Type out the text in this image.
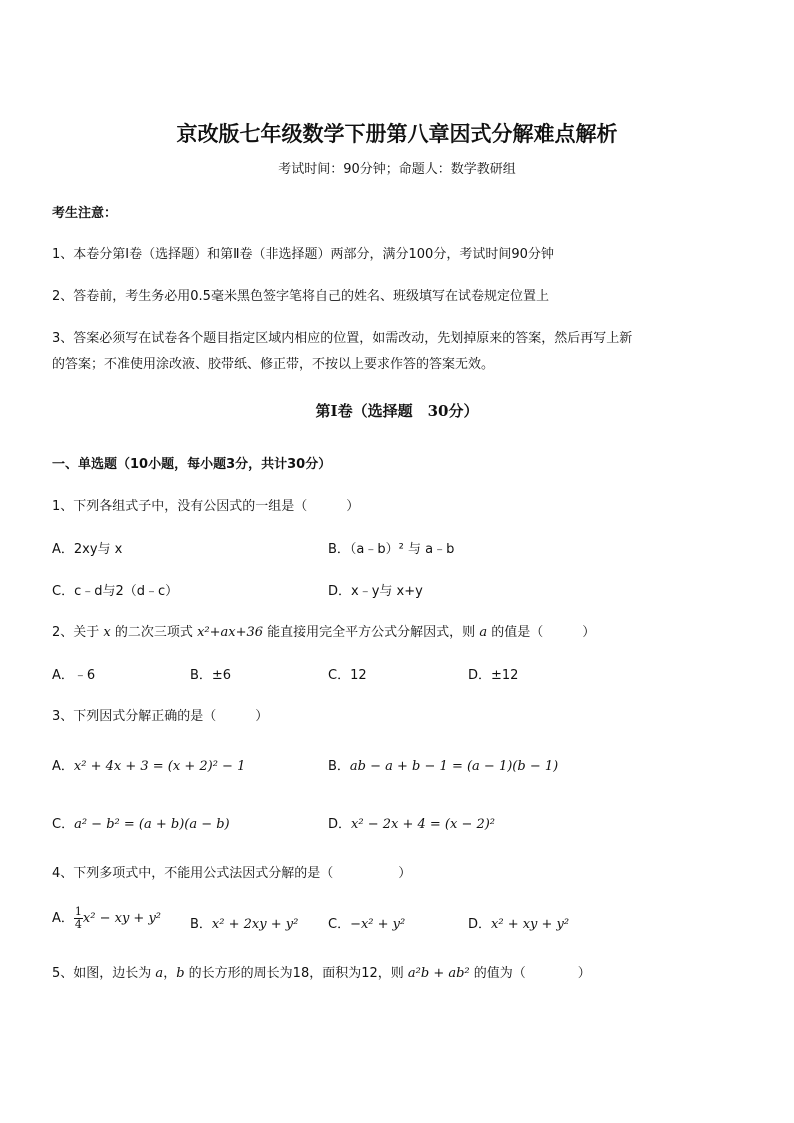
京改版七年级数学下册第八章因式分解难点解析
考试时间：90分钟；命题人：数学教研组
考生注意：
1、本卷分第Ⅰ卷（选择题）和第Ⅱ卷（非选择题）两部分，满分100分，考试时间90分钟
2、答卷前，考生务必用0.5毫米黑色签字笔将自己的姓名、班级填写在试卷规定位置上
3、答案必须写在试卷各个题目指定区域内相应的位置，如需改动，先划掉原来的答案，然后再写上新
的答案；不准使用涂改液、胶带纸、修正带，不按以上要求作答的答案无效。
第Ⅰ卷（选择题　30分）
一、单选题（10小题，每小题3分，共计30分）
1、下列各组式子中，没有公因式的一组是（　　　）
A．2xy与 x	B．（a﹣b）² 与 a﹣b
C．c﹣d与2（d﹣c）	D．x﹣y与 x+y
2、关于 x 的二次三项式 x²+ax+36 能直接用完全平方公式分解因式，则 a 的值是（　　　）
A．﹣6	B．±6	C．12	D．±12
3、下列因式分解正确的是（　　　）
A．x² + 4x + 3 = (x + 2)² − 1	B．ab − a + b − 1 = (a − 1)(b − 1)
C．a² − b² = (a + b)(a − b)	D．x² − 2x + 4 = (x − 2)²
4、下列多项式中，不能用公式法因式分解的是（　　　　　）
A． $\frac{1}{4} x^2$ − xy + y² B．x² + 2xy + y² C．−x² + y²	D．x² + xy + y²
5、如图，边长为 a，b 的长方形的周长为18，面积为12，则 a²b + ab² 的值为（　　　　）
